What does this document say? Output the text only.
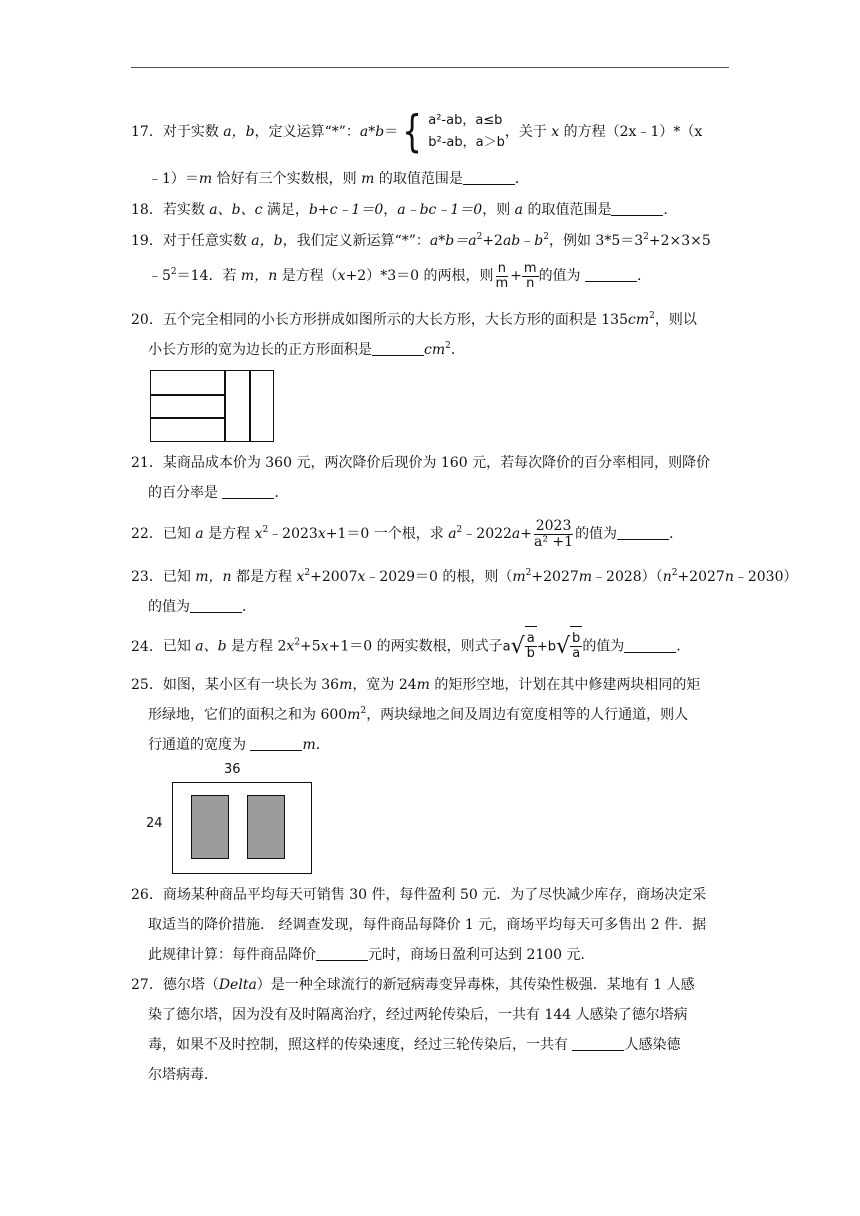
17．对于实数 a，b，定义运算“*”：a*b＝ { a²-ab，a≤b
b²-ab，a＞b
，关于 x 的方程（2x﹣1）*（x
﹣1）＝m 恰好有三个实数根，则 m 的取值范围是	．
18．若实数 a、b、c 满足，b+c﹣1＝0，a﹣bc﹣1＝0，则 a 的取值范围是	．
19．对于任意实数 a，b，我们定义新运算“*”：$a*b=a^2+2ab﹣b^2$，例如 $3*5=3^2+2\times 3\times 5$
$﹣5^2=14$．若 m，n 是方程（x+2）*3＝0 的两根，则 $\frac{n}{m} + \frac{m}{n}$ 的值为	．
20．五个完全相同的小长方形拼成如图所示的大长方形，大长方形的面积是 $135cm^2$，则以
小长方形的宽为边长的正方形面积是	$cm^2$．
21．某商品成本价为 360 元，两次降价后现价为 160 元，若每次降价的百分率相同，则降价
的百分率是	．
22．已知 a 是方程 $x^2﹣2023x+1=0$ 一个根，求 $a^2﹣2022a+ \frac{2023}{\text{a² +1}}$ 的值为	．
23．已知 m，n 都是方程 $x^2+2007x﹣2029=0$ 的根，则$(m^2+2027m﹣2028)(n^2+2027n﹣2030)$
的值为	．
24．已知 a、b 是方程 $2x^2+5x+1=0$ 的两实数根，则式子a √ $\frac{a}{b} +b$ √ $\frac{b}{a}$ 的值为	．
25．如图，某小区有一块长为 36m，宽为 24m 的矩形空地，计划在其中修建两块相同的矩
形绿地，它们的面积之和为 $600m^2$，两块绿地之间及周边有宽度相等的人行通道，则人
行通道的宽度为	m．
36
24
26．商场某种商品平均每天可销售 30 件，每件盈利 50 元．为了尽快减少库存，商场决定采
取适当的降价措施． 经调查发现，每件商品每降价 1 元，商场平均每天可多售出 2 件．据
此规律计算：每件商品降价	元时，商场日盈利可达到 2100 元．
27．德尔塔（Delta）是一种全球流行的新冠病毒变异毒株，其传染性极强．某地有 1 人感
染了德尔塔，因为没有及时隔离治疗，经过两轮传染后，一共有 144 人感染了德尔塔病
毒，如果不及时控制，照这样的传染速度，经过三轮传染后，一共有	人感染德
尔塔病毒．
